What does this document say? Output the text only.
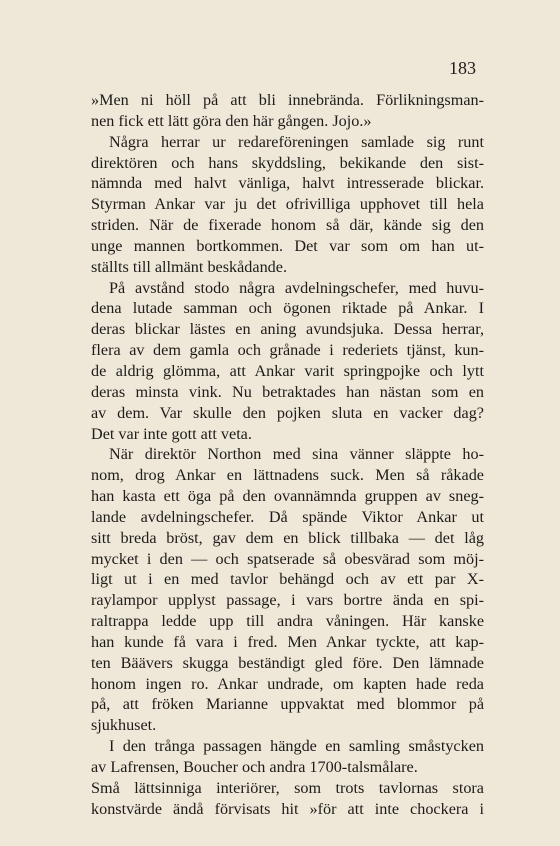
183
»Men ni höll på att bli innebrända. Förlikningsman-
nen fick ett lätt göra den här gången. Jojo.»
Några herrar ur redareföreningen samlade sig runt
direktören och hans skyddsling, bekikande den sist-
nämnda med halvt vänliga, halvt intresserade blickar.
Styrman Ankar var ju det ofrivilliga upphovet till hela
striden. När de fixerade honom så där, kände sig den
unge mannen bortkommen. Det var som om han ut-
ställts till allmänt beskådande.
På avstånd stodo några avdelningschefer, med huvu-
dena lutade samman och ögonen riktade på Ankar. I
deras blickar lästes en aning avundsjuka. Dessa herrar,
flera av dem gamla och grånade i rederiets tjänst, kun-
de aldrig glömma, att Ankar varit springpojke och lytt
deras minsta vink. Nu betraktades han nästan som en
av dem. Var skulle den pojken sluta en vacker dag?
Det var inte gott att veta.
När direktör Northon med sina vänner släppte ho-
nom, drog Ankar en lättnadens suck. Men så råkade
han kasta ett öga på den ovannämnda gruppen av sneg-
lande avdelningschefer. Då spände Viktor Ankar ut
sitt breda bröst, gav dem en blick tillbaka — det låg
mycket i den — och spatserade så obesvärad som möj-
ligt ut i en med tavlor behängd och av ett par X-
raylampor upplyst passage, i vars bortre ända en spi-
raltrappa ledde upp till andra våningen. Här kanske
han kunde få vara i fred. Men Ankar tyckte, att kap-
ten Bäävers skugga beständigt gled före. Den lämnade
honom ingen ro. Ankar undrade, om kapten hade reda
på, att fröken Marianne uppvaktat med blommor på
sjukhuset.
I den trånga passagen hängde en samling småstycken
av Lafrensen, Boucher och andra 1700-talsmålare.
Små lättsinniga interiörer, som trots tavlornas stora
konstvärde ändå förvisats hit »för att inte chockera i
